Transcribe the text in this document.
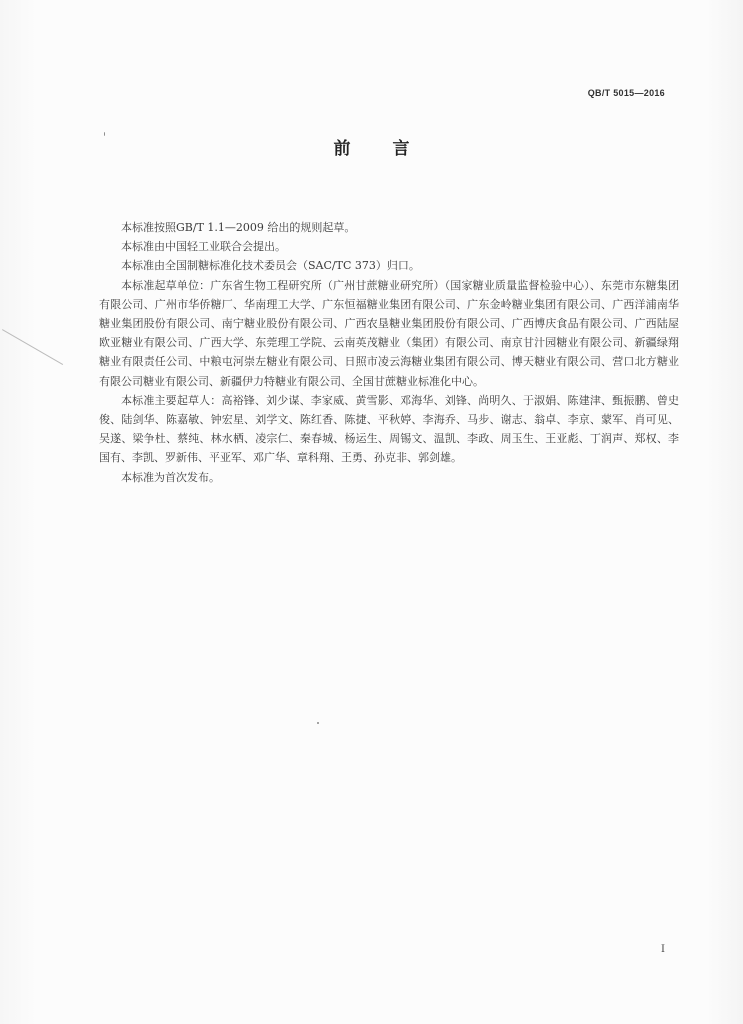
QB/T 5015—2016
前 言

本标准按照GB/T 1.1—2009 给出的规则起草。

本标准由中国轻工业联合会提出。

本标准由全国制糖标准化技术委员会（SAC/TC 373）归口。

本标准起草单位：广东省生物工程研究所（广州甘蔗糖业研究所）（国家糖业质量监督检验中心）、东莞市东糖集团有限公司、广州市华侨糖厂、华南理工大学、广东恒福糖业集团有限公司、广东金岭糖业集团有限公司、广西洋浦南华糖业集团股份有限公司、南宁糖业股份有限公司、广西农垦糖业集团股份有限公司、广西博庆食品有限公司、广西陆屋欧亚糖业有限公司、广西大学、东莞理工学院、云南英茂糖业（集团）有限公司、南京甘汁园糖业有限公司、新疆绿翔糖业有限责任公司、中粮屯河崇左糖业有限公司、日照市凌云海糖业集团有限公司、博天糖业有限公司、营口北方糖业有限公司糖业有限公司、新疆伊力特糖业有限公司、全国甘蔗糖业标准化中心。

本标准主要起草人：高裕锋、刘少谋、李家威、黄雪影、邓海华、刘锋、尚明久、于淑娟、陈建津、甄振鹏、曾史俊、陆剑华、陈嘉敏、钟宏星、刘学文、陈红香、陈捷、平秋婷、李海乔、马步、谢志、翁卓、李京、蒙军、肖可见、吴遂、梁争杜、蔡纯、林水栖、凌宗仁、秦春城、杨运生、周锡文、温凯、李政、周玉生、王亚彪、丁润声、郑权、李国有、李凯、罗新伟、平亚军、邓广华、章科翔、王勇、孙克非、郭剑雄。

本标准为首次发布。

I
